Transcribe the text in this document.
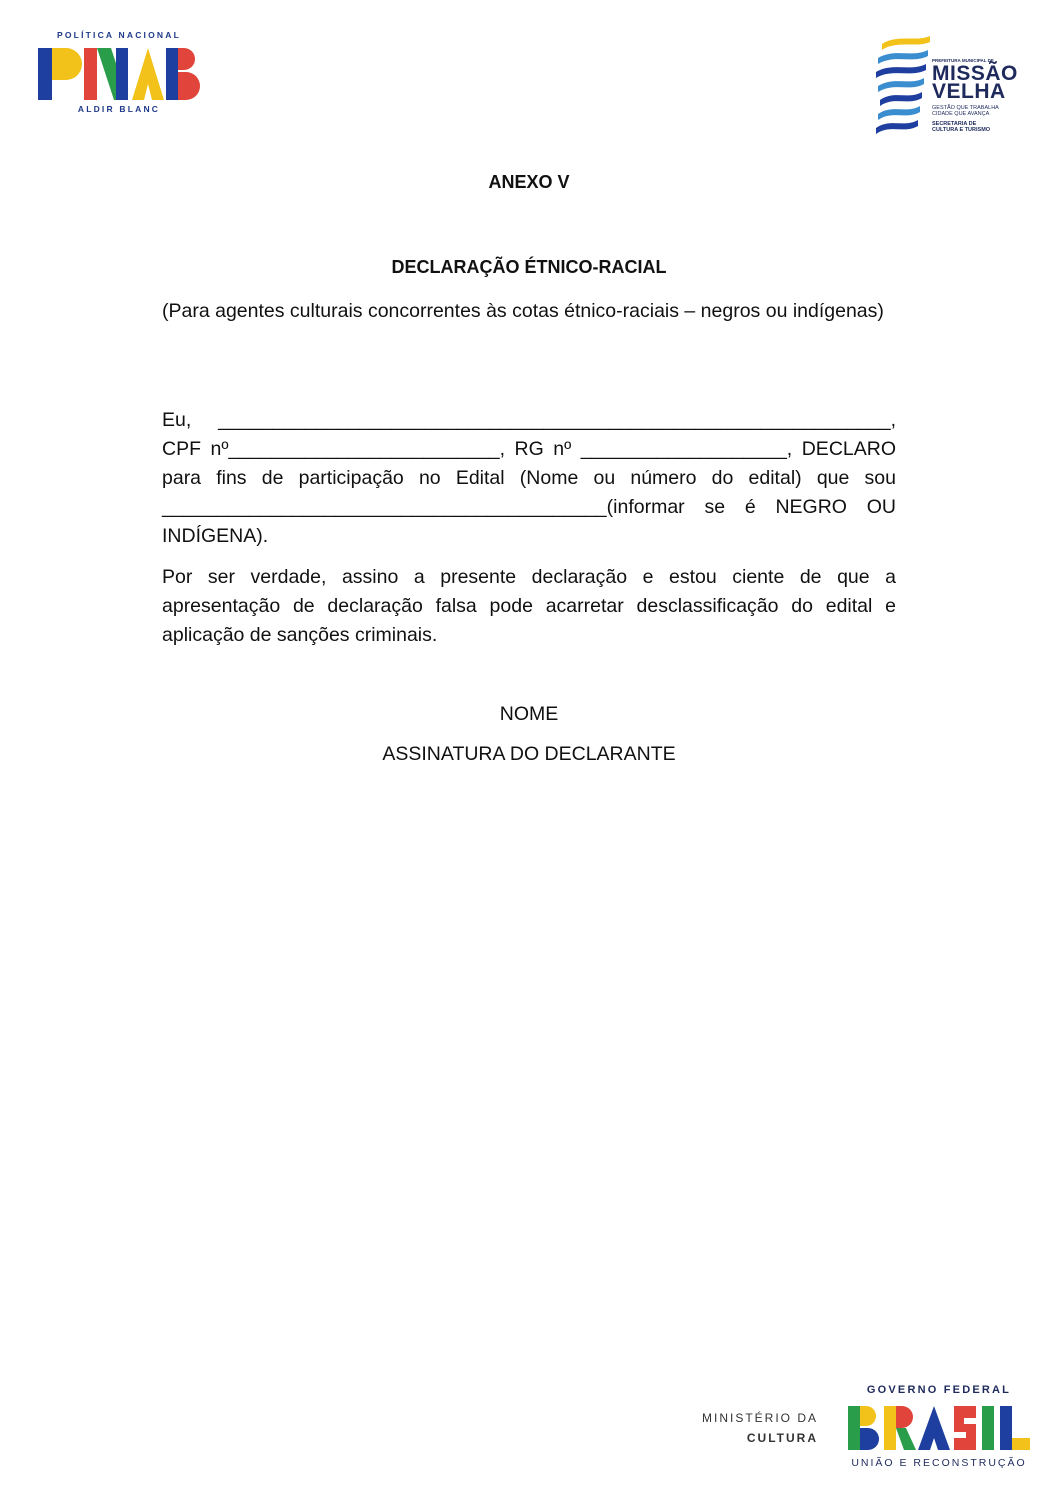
POLÍTICA NACIONAL
ALDIR BLANC
PREFEITURA MUNICIPAL DE
MISSÃO
VELHA
GESTÃO QUE TRABALHA
CIDADE QUE AVANÇA
SECRETARIA DE
CULTURA E TURISMO
ANEXO V
DECLARAÇÃO ÉTNICO-RACIAL
(Para agentes culturais concorrentes às cotas étnico-raciais – negros ou indígenas)
Eu, ______________________________________________________________, CPF nº_________________________, RG nº ___________________, DECLARO para fins de participação no Edital (Nome ou número do edital) que sou _________________________________________(informar se é NEGRO OU INDÍGENA).
Por ser verdade, assino a presente declaração e estou ciente de que a apresentação de declaração falsa pode acarretar desclassificação do edital e aplicação de sanções criminais.
NOME
ASSINATURA DO DECLARANTE
MINISTÉRIO DA
CULTURA
GOVERNO FEDERAL
UNIÃO E RECONSTRUÇÃO
